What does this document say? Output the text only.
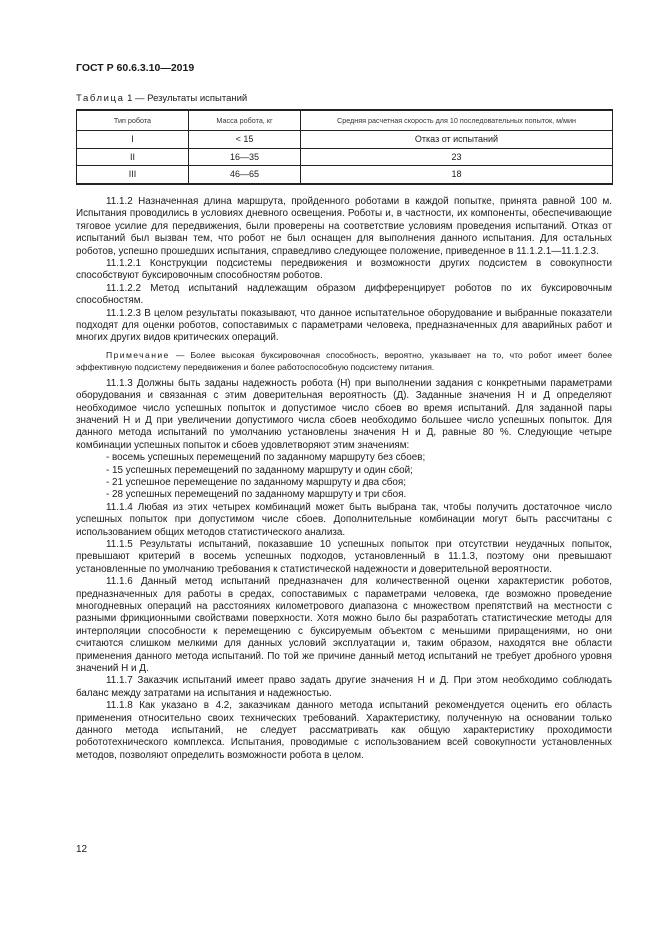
ГОСТ Р 60.6.3.10—2019
Таблица 1 — Результаты испытаний
Тип робота	Масса робота, кг	Средняя расчетная скорость для 10 последовательных попыток, м/мин
I	< 15	Отказ от испытаний
II	16—35	23
III	46—65	18

11.1.2 Назначенная длина маршрута, пройденного роботами в каждой попытке, принята равной 100 м. Испытания проводились в условиях дневного освещения. Роботы и, в частности, их компоненты, обеспечивающие тяговое усилие для передвижения, были проверены на соответствие условиям проведения испытаний. Отказ от испытаний был вызван тем, что робот не был оснащен для выполнения данного испытания. Для остальных роботов, успешно прошедших испытания, справедливо следующее положение, приведенное в 11.1.2.1—11.1.2.3.

11.1.2.1 Конструкции подсистемы передвижения и возможности других подсистем в совокупности способствуют буксировочным способностям роботов.

11.1.2.2 Метод испытаний надлежащим образом дифференцирует роботов по их буксировочным способностям.

11.1.2.3 В целом результаты показывают, что данное испытательное оборудование и выбранные показатели подходят для оценки роботов, сопоставимых с параметрами человека, предназначенных для аварийных работ и многих других видов критических операций.

Примечание — Более высокая буксировочная способность, вероятно, указывает на то, что робот имеет более эффективную подсистему передвижения и более работоспособную подсистему питания.

11.1.3 Должны быть заданы надежность робота (Н) при выполнении задания с конкретными параметрами оборудования и связанная с этим доверительная вероятность (Д). Заданные значения Н и Д определяют необходимое число успешных попыток и допустимое число сбоев во время испытаний. Для заданной пары значений Н и Д при увеличении допустимого числа сбоев необходимо большее число успешных попыток. Для данного метода испытаний по умолчанию установлены значения Н и Д, равные 80 %. Следующие четыре комбинации успешных попыток и сбоев удовлетворяют этим значениям:

- восемь успешных перемещений по заданному маршруту без сбоев;

- 15 успешных перемещений по заданному маршруту и один сбой;

- 21 успешное перемещение по заданному маршруту и два сбоя;

- 28 успешных перемещений по заданному маршруту и три сбоя.

11.1.4 Любая из этих четырех комбинаций может быть выбрана так, чтобы получить достаточное число успешных попыток при допустимом числе сбоев. Дополнительные комбинации могут быть рассчитаны с использованием общих методов статистического анализа.

11.1.5 Результаты испытаний, показавшие 10 успешных попыток при отсутствии неудачных попыток, превышают критерий в восемь успешных подходов, установленный в 11.1.3, поэтому они превышают установленные по умолчанию требования к статистической надежности и доверительной вероятности.

11.1.6 Данный метод испытаний предназначен для количественной оценки характеристик роботов, предназначенных для работы в средах, сопоставимых с параметрами человека, где возможно проведение многодневных операций на расстояниях километрового диапазона с множеством препятствий на местности с разными фрикционными свойствами поверхности. Хотя можно было бы разработать статистические методы для интерполяции способности к перемещению с буксируемым объектом с меньшими приращениями, но они считаются слишком мелкими для данных условий эксплуатации и, таким образом, находятся вне области применения данного метода испытаний. По той же причине данный метод испытаний не требует дробного уровня значений Н и Д.

11.1.7 Заказчик испытаний имеет право задать другие значения Н и Д. При этом необходимо соблюдать баланс между затратами на испытания и надежностью.

11.1.8 Как указано в 4.2, заказчикам данного метода испытаний рекомендуется оценить его область применения относительно своих технических требований. Характеристику, полученную на основании только данного метода испытаний, не следует рассматривать как общую характеристику проходимости робототехнического комплекса. Испытания, проводимые с использованием всей совокупности установленных методов, позволяют определить возможности робота в целом.

12
